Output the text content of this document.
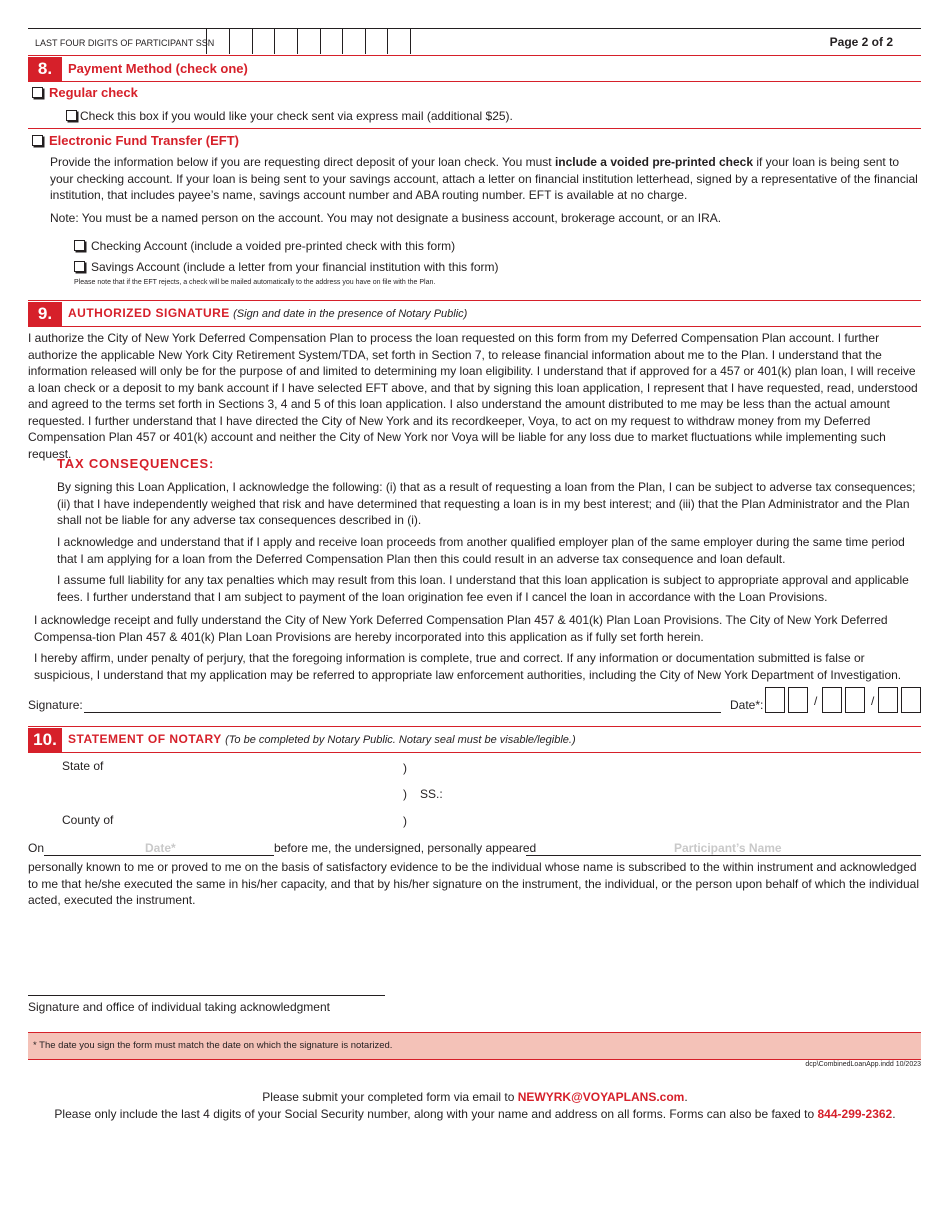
LAST FOUR DIGITS OF PARTICIPANT SSN	Page 2 of 2
8.	Payment Method (check one)
Regular check
Check this box if you would like your check sent via express mail (additional $25).
Electronic Fund Transfer (EFT)
Provide the information below if you are requesting direct deposit of your loan check. You must include a voided pre-printed check if your loan is being sent to your checking account. If your loan is being sent to your savings account, attach a letter on financial institution letterhead, signed by a representative of the financial institution, that includes payee’s name, savings account number and ABA routing number. EFT is available at no charge.
Note: You must be a named person on the account. You may not designate a business account, brokerage account, or an IRA.
Checking Account (include a voided pre-printed check with this form)
Savings Account (include a letter from your financial institution with this form)
Please note that if the EFT rejects, a check will be mailed automatically to the address you have on file with the Plan.
9.	AUTHORIZED SIGNATURE (Sign and date in the presence of Notary Public)

I authorize the City of New York Deferred Compensation Plan to process the loan requested on this form from my Deferred Compensation Plan account. I further authorize the applicable New York City Retirement System/TDA, set forth in Section 7, to release financial information about me to the Plan. I understand that the information released will only be for the purpose of and limited to determining my loan eligibility. I understand that if approved for a 457 or 401(k) plan loan, I will receive a loan check or a deposit to my bank account if I have selected EFT above, and that by signing this loan application, I represent that I have requested, read, understood and agreed to the terms set forth in Sections 3, 4 and 5 of this loan application. I also understand the amount distributed to me may be less than the actual amount requested. I further understand that I have directed the City of New York and its recordkeeper, Voya, to act on my request to withdraw money from my Deferred Compensation Plan 457 or 401(k) account and neither the City of New York nor Voya will be liable for any loss due to market fluctuations while implementing such request.

TAX CONSEQUENCES:

By signing this Loan Application, I acknowledge the following: (i) that as a result of requesting a loan from the Plan, I can be subject to adverse tax consequences; (ii) that I have independently weighed that risk and have determined that requesting a loan is in my best interest; and (iii) that the Plan Administrator and the Plan shall not be liable for any adverse tax consequences described in (i).

I acknowledge and understand that if I apply and receive loan proceeds from another qualified employer plan of the same employer during the same time period that I am applying for a loan from the Deferred Compensation Plan then this could result in an adverse tax consequence and loan default.

I assume full liability for any tax penalties which may result from this loan. I understand that this loan application is subject to appropriate approval and applicable fees. I further understand that I am subject to payment of the loan origination fee even if I cancel the loan in accordance with the Loan Provisions.

I acknowledge receipt and fully understand the City of New York Deferred Compensation Plan 457 & 401(k) Plan Loan Provisions. The City of New York Deferred Compensa-tion Plan 457 & 401(k) Plan Loan Provisions are hereby incorporated into this application as if fully set forth herein.

I hereby affirm, under penalty of perjury, that the foregoing information is complete, true and correct. If any information or documentation submitted is false or suspicious, I understand that my application may be referred to appropriate law enforcement authorities, including the City of New York Department of Investigation.

Signature:	Date*:	/	/
10. STATEMENT OF NOTARY (To be completed by Notary Public. Notary seal must be visable/legible.)
State of	)
) SS.:
County of	)
On	Date*	before me, the undersigned, personally appeared	Participant’s Name

personally known to me or proved to me on the basis of satisfactory evidence to be the individual whose name is subscribed to the within instrument and acknowledged to me that he/she executed the same in his/her capacity, and that by his/her signature on the instrument, the individual, or the person upon behalf of which the individual acted, executed the instrument.

Signature and office of individual taking acknowledgment
* The date you sign the form must match the date on which the signature is notarized.
dcp\CombinedLoanApp.indd 10/2023
Please submit your completed form via email to NEWYRK@VOYAPLANS.com.
Please only include the last 4 digits of your Social Security number, along with your name and address on all forms. Forms can also be faxed to 844-299-2362.
